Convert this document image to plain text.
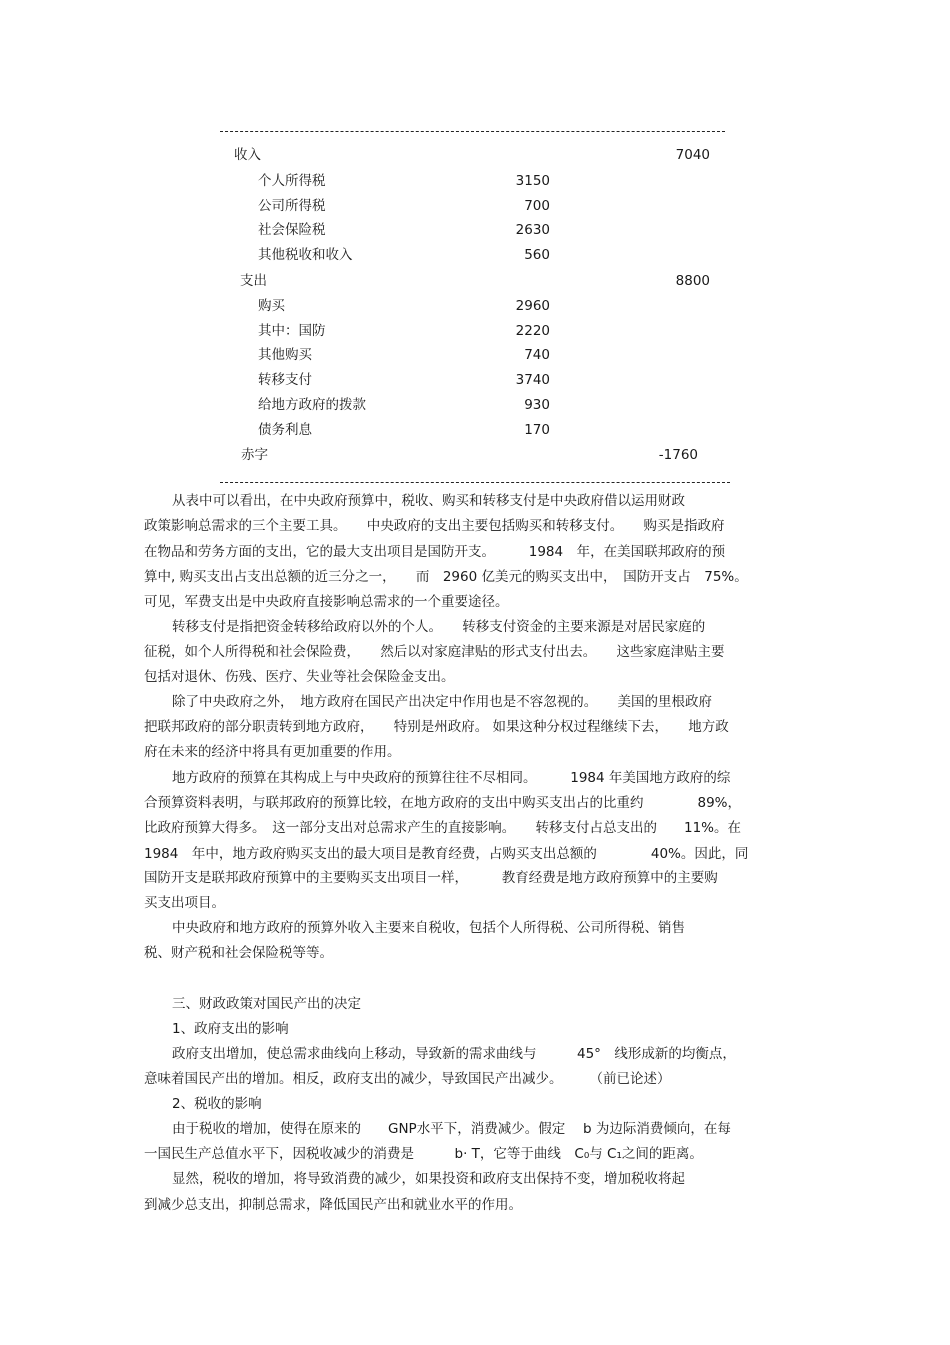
收入	7040
个人所得税	3150
公司所得税	700
社会保险税	2630
其他税收和收入	560
支出	8800
购买	2960
其中：国防	2220
其他购买	740
转移支付	3740
给地方政府的拨款	930
债务利息	170
赤字	-1760
从表中可以看出，在中央政府预算中，税收、购买和转移支付是中央政府借以运用财政
政策影响总需求的三个主要工具。　　中央政府的支出主要包括购买和转移支付。　　购买是指政府
在物品和劳务方面的支出，它的最大支出项目是国防开支。　　　1984　年，在美国联邦政府的预
算中, 购买支出占支出总额的近三分之一，　　而　2960 亿美元的购买支出中，　国防开支占　75%。
可见，军费支出是中央政府直接影响总需求的一个重要途径。
转移支付是指把资金转移给政府以外的个人。　　转移支付资金的主要来源是对居民家庭的
征税，如个人所得税和社会保险费，　　然后以对家庭津贴的形式支付出去。　　这些家庭津贴主要
包括对退休、伤残、医疗、失业等社会保险金支出。
除了中央政府之外，　地方政府在国民产出决定中作用也是不容忽视的。　　美国的里根政府
把联邦政府的部分职责转到地方政府，　　特别是州政府。 如果这种分权过程继续下去，　　地方政
府在未来的经济中将具有更加重要的作用。
地方政府的预算在其构成上与中央政府的预算往往不尽相同。　　　1984 年美国地方政府的综
合预算资料表明，与联邦政府的预算比较，在地方政府的支出中购买支出占的比重约　　　　89%，
比政府预算大得多。　这一部分支出对总需求产生的直接影响。　　转移支付占总支出的　　11%。在
1984　年中，地方政府购买支出的最大项目是教育经费，占购买支出总额的　　　　40%。因此，同
国防开支是联邦政府预算中的主要购买支出项目一样，　　　教育经费是地方政府预算中的主要购
买支出项目。
中央政府和地方政府的预算外收入主要来自税收，包括个人所得税、公司所得税、销售
税、财产税和社会保险税等等。
三、财政政策对国民产出的决定
1、政府支出的影响
政府支出增加，使总需求曲线向上移动，导致新的需求曲线与　　　45°　线形成新的均衡点，
意味着国民产出的增加。相反，政府支出的减少，导致国民产出减少。　　　（前已论述）
2、税收的影响
由于税收的增加，使得在原来的　　GNP水平下，消费减少。假定　 b 为边际消费倾向，在每
一国民生产总值水平下，因税收减少的消费是　　　b· T，它等于曲线　C₀与 C₁之间的距离。
显然，税收的增加，将导致消费的减少，如果投资和政府支出保持不变，增加税收将起
到减少总支出，抑制总需求，降低国民产出和就业水平的作用。
